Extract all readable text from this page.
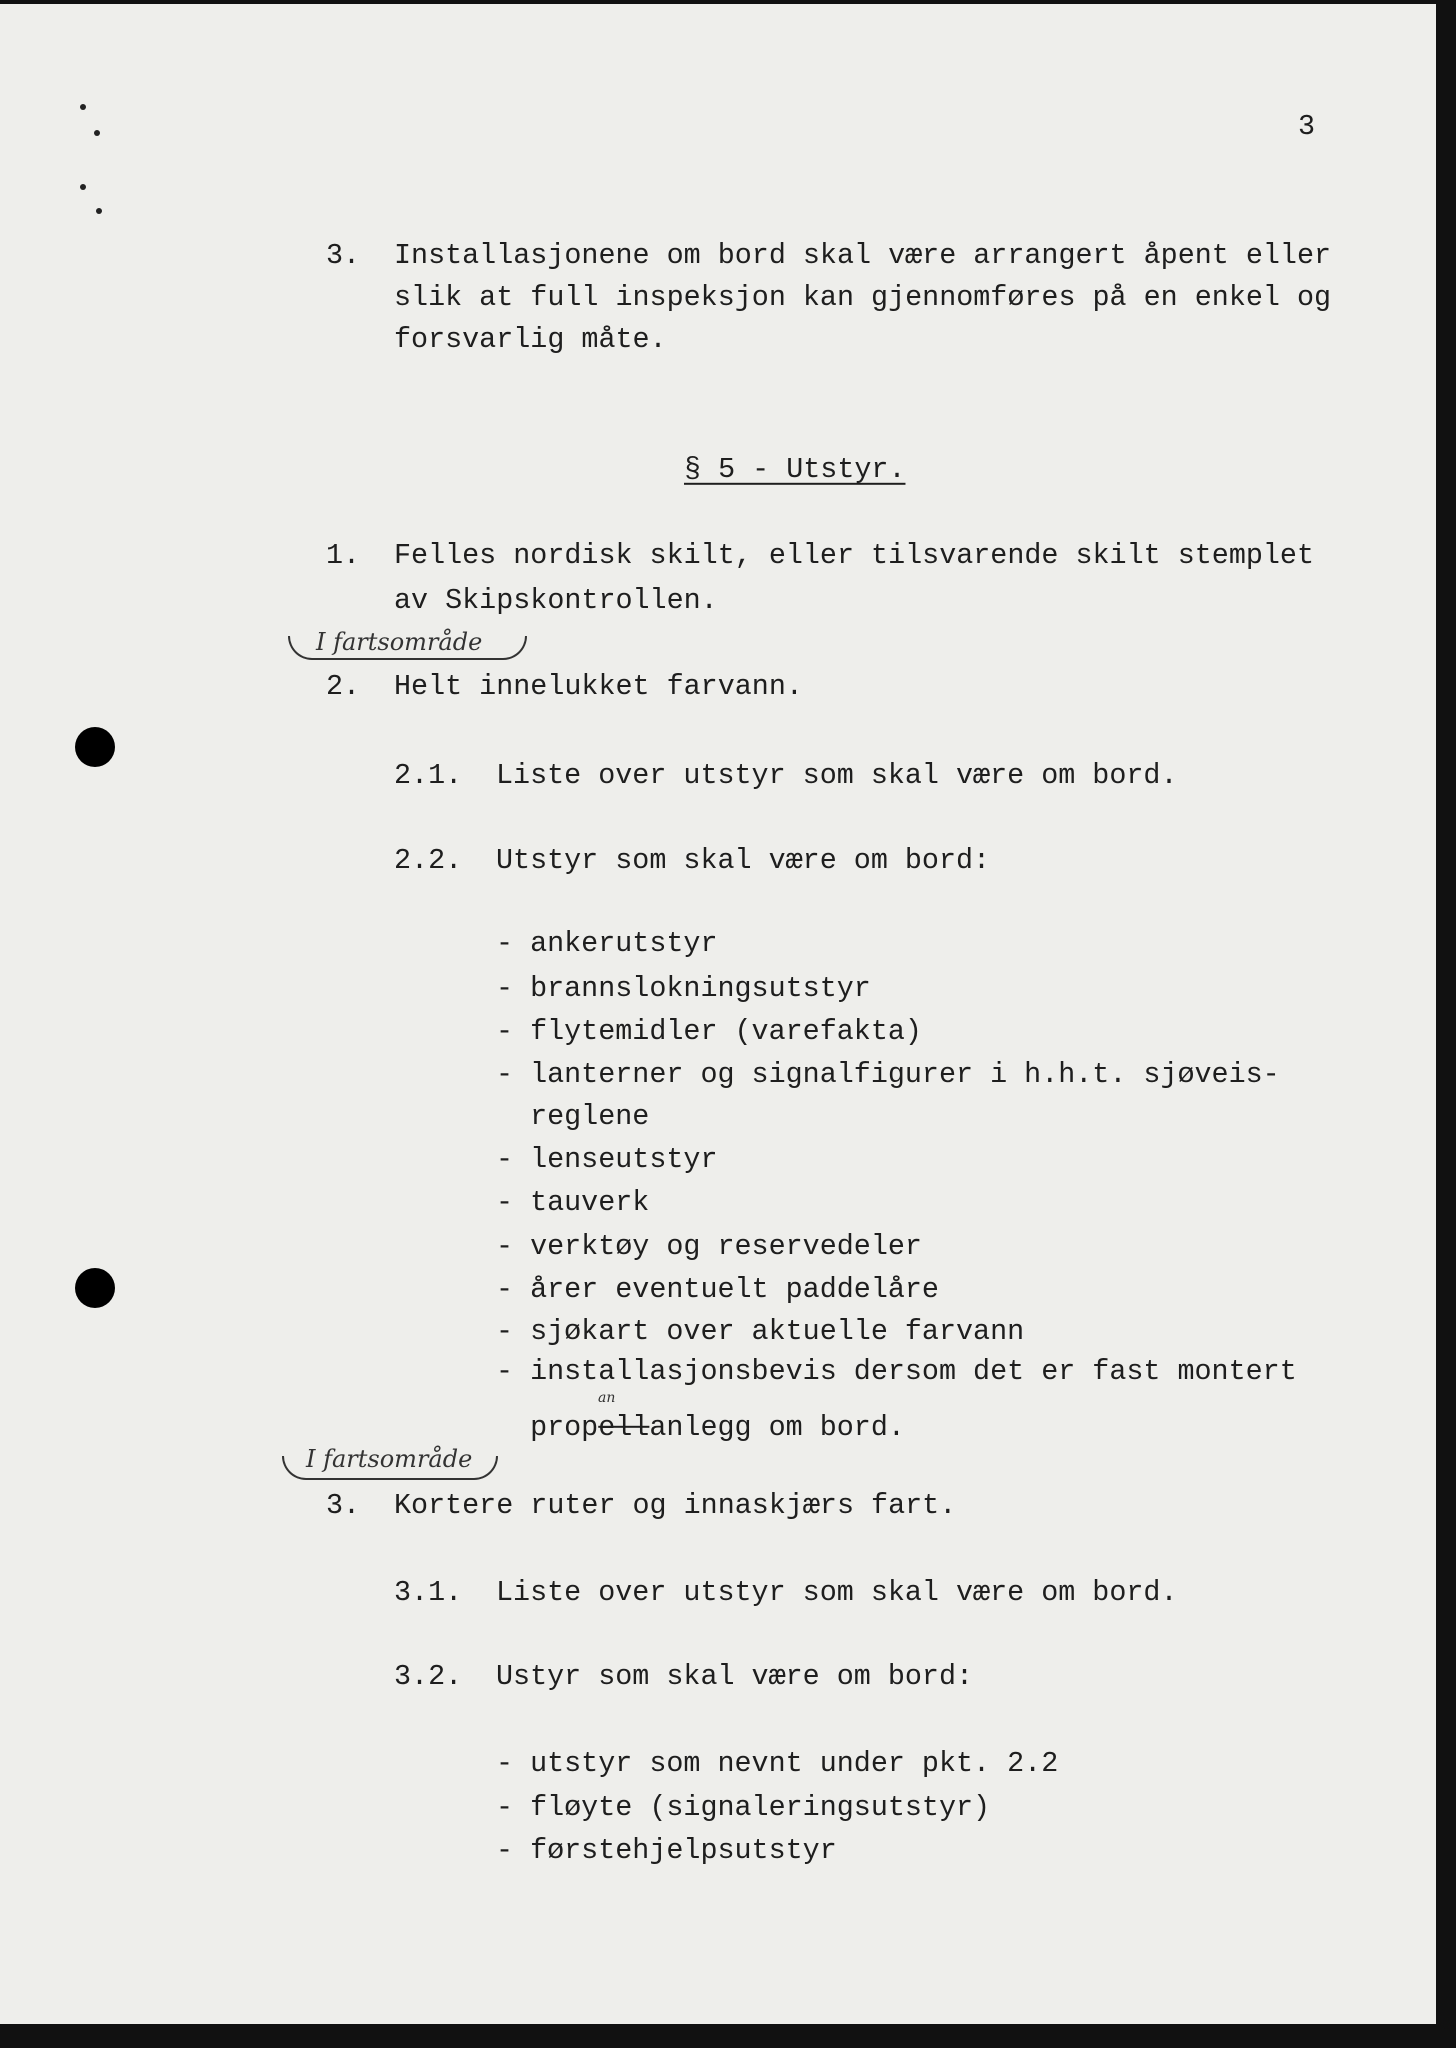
3
3. Installasjonene om bord skal være arrangert åpent eller
slik at full inspeksjon kan gjennomføres på en enkel og
forsvarlig måte.
§ 5 - Utstyr.
1. Felles nordisk skilt, eller tilsvarende skilt stemplet
av Skipskontrollen.
I fartsområde
2. Helt innelukket farvann.
2.1. Liste over utstyr som skal være om bord.
2.2. Utstyr som skal være om bord:
- ankerutstyr
- brannslokningsutstyr
- flytemidler (varefakta)
- lanterner og signalfigurer i h.h.t. sjøveis-
reglene
- lenseutstyr
- tauverk
- verktøy og reservedeler
- årer eventuelt paddelåre
- sjøkart over aktuelle farvann
- installasjonsbevis dersom det er fast montert
an
propellanlegg om bord.
I fartsområde
3. Kortere ruter og innaskjærs fart.
3.1. Liste over utstyr som skal være om bord.
3.2. Ustyr som skal være om bord:
- utstyr som nevnt under pkt. 2.2
- fløyte (signaleringsutstyr)
- førstehjelpsutstyr
